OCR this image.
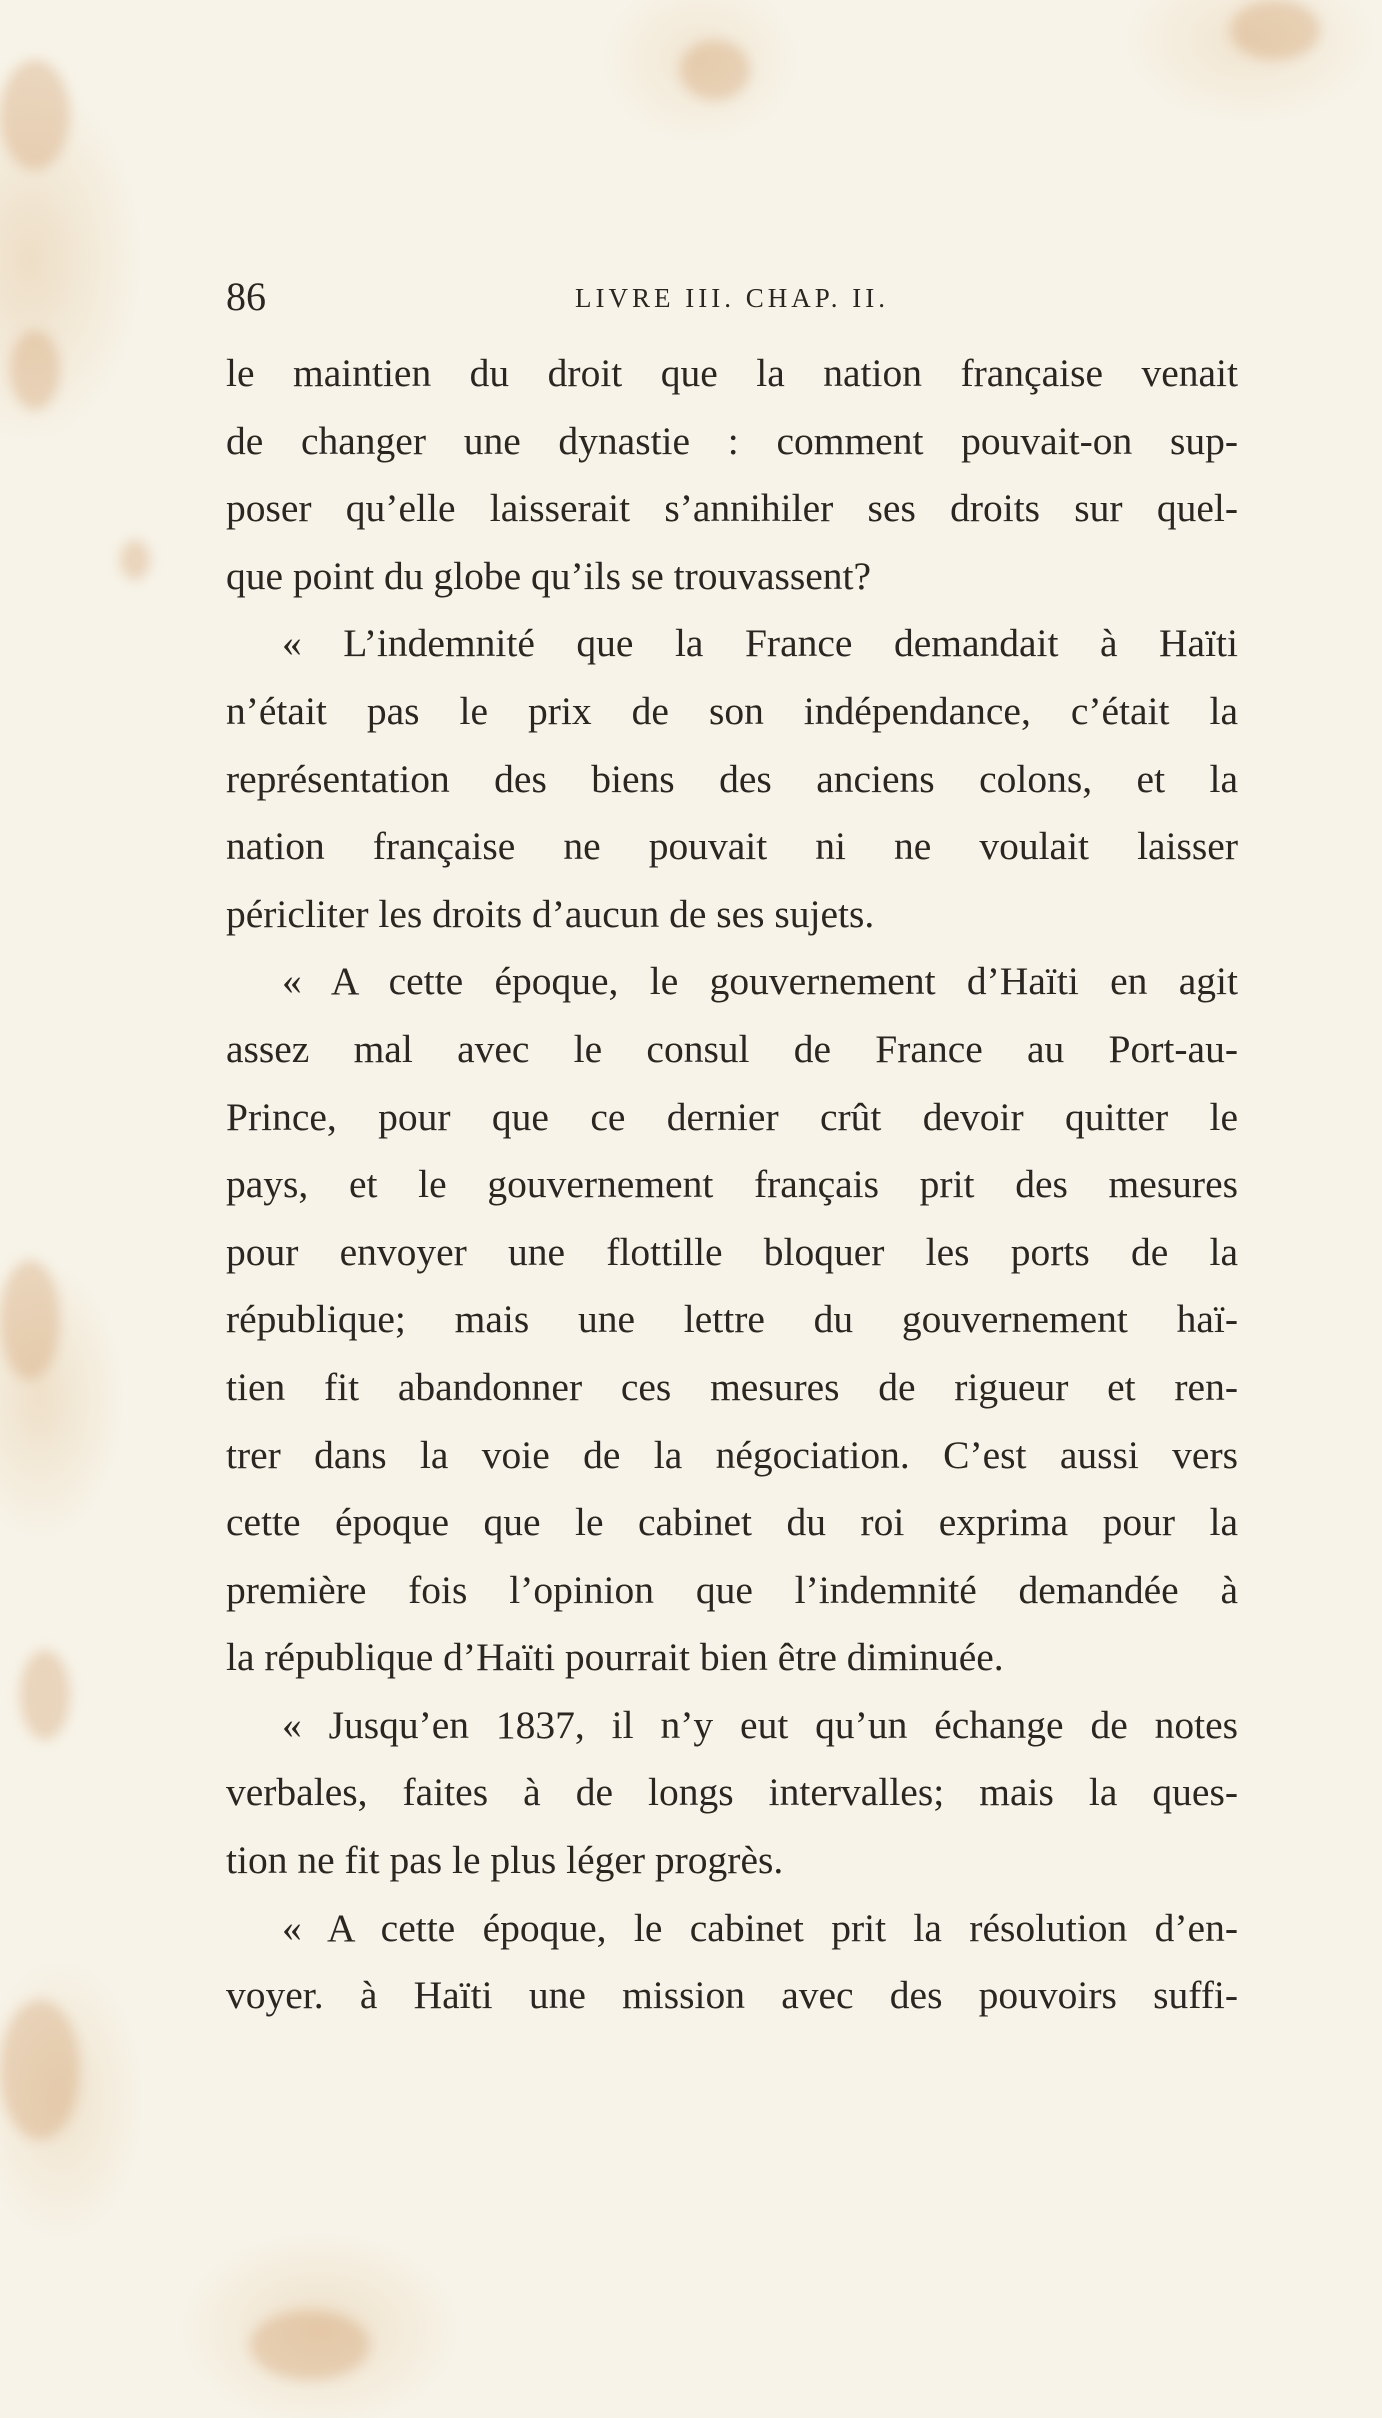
86	LIVRE III. CHAP. II.
le maintien du droit que la nation française venait
de changer une dynastie : comment pouvait-on sup-
poser qu’elle laisserait s’annihiler ses droits sur quel-
que point du globe qu’ils se trouvassent?
« L’indemnité que la France demandait à Haïti
n’était pas le prix de son indépendance, c’était la
représentation des biens des anciens colons, et la
nation française ne pouvait ni ne voulait laisser
péricliter les droits d’aucun de ses sujets.
« A cette époque, le gouvernement d’Haïti en agit
assez mal avec le consul de France au Port-au-
Prince, pour que ce dernier crût devoir quitter le
pays, et le gouvernement français prit des mesures
pour envoyer une flottille bloquer les ports de la
république; mais une lettre du gouvernement haï-
tien fit abandonner ces mesures de rigueur et ren-
trer dans la voie de la négociation. C’est aussi vers
cette époque que le cabinet du roi exprima pour la
première fois l’opinion que l’indemnité demandée à
la république d’Haïti pourrait bien être diminuée.
« Jusqu’en 1837, il n’y eut qu’un échange de notes
verbales, faites à de longs intervalles; mais la ques-
tion ne fit pas le plus léger progrès.
« A cette époque, le cabinet prit la résolution d’en-
voyer. à Haïti une mission avec des pouvoirs suffi-
